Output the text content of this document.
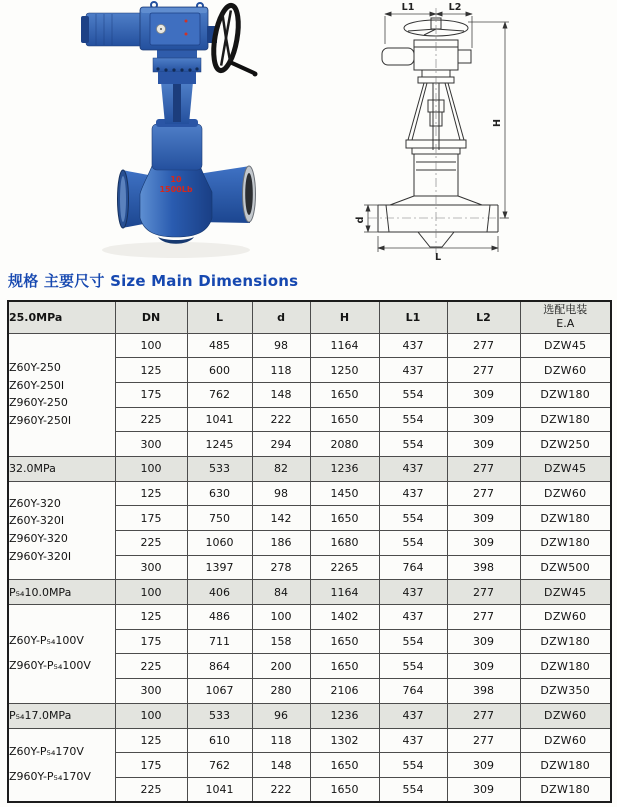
10
1500Lb
L1	L2
H
d
L
规格 主要尺寸 Size Main Dimensions
25.0MPa	DN	L	d	H	L1	L2	选配电装
E.A

Z60Y-250
Z60Y-250I
Z960Y-250
Z960Y-250I	100	485	98	1164	437	277	DZW45
	125	600	118	1250	437	277	DZW60
	175	762	148	1650	554	309	DZW180
	225	1041	222	1650	554	309	DZW180
	300	1245	294	2080	554	309	DZW250
32.0MPa	100	533	82	1236	437	277	DZW45

Z60Y-320
Z60Y-320I
Z960Y-320
Z960Y-320I	125	630	98	1450	437	277	DZW60
	175	750	142	1650	554	309	DZW180
	225	1060	186	1680	554	309	DZW180
	300	1397	278	2265	764	398	DZW500
P₅₄10.0MPa	100	406	84	1164	437	277	DZW45

Z60Y-P₅₄100V
Z960Y-P₅₄100V	125	486	100	1402	437	277	DZW60
	175	711	158	1650	554	309	DZW180
	225	864	200	1650	554	309	DZW180
	300	1067	280	2106	764	398	DZW350
P₅₄17.0MPa	100	533	96	1236	437	277	DZW60

Z60Y-P₅₄170V
Z960Y-P₅₄170V	125	610	118	1302	437	277	DZW60
	175	762	148	1650	554	309	DZW180
	225	1041	222	1650	554	309	DZW180
